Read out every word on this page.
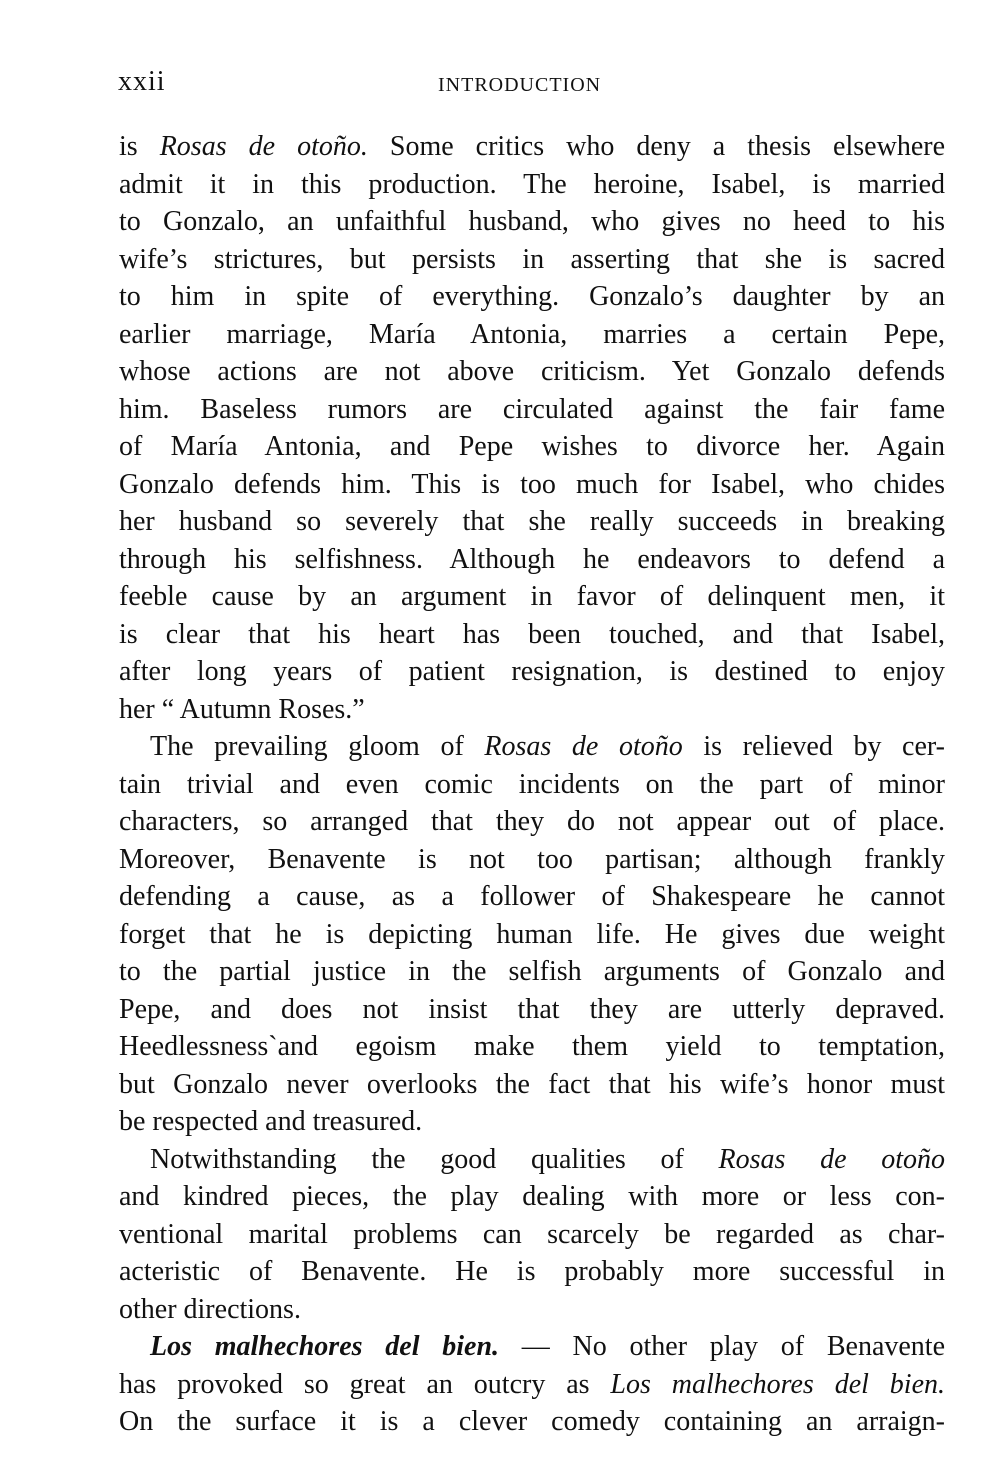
xxii	INTRODUCTION
is Rosas de otoño. Some critics who deny a thesis elsewhere
admit it in this production. The heroine, Isabel, is married
to Gonzalo, an unfaithful husband, who gives no heed to his
wife’s strictures, but persists in asserting that she is sacred
to him in spite of everything. Gonzalo’s daughter by an
earlier marriage, María Antonia, marries a certain Pepe,
whose actions are not above criticism. Yet Gonzalo defends
him. Baseless rumors are circulated against the fair fame
of María Antonia, and Pepe wishes to divorce her. Again
Gonzalo defends him. This is too much for Isabel, who chides
her husband so severely that she really succeeds in breaking
through his selfishness. Although he endeavors to defend a
feeble cause by an argument in favor of delinquent men, it
is clear that his heart has been touched, and that Isabel,
after long years of patient resignation, is destined to enjoy
her “ Autumn Roses.”
The prevailing gloom of Rosas de otoño is relieved by cer-
tain trivial and even comic incidents on the part of minor
characters, so arranged that they do not appear out of place.
Moreover, Benavente is not too partisan; although frankly
defending a cause, as a follower of Shakespeare he cannot
forget that he is depicting human life. He gives due weight
to the partial justice in the selfish arguments of Gonzalo and
Pepe, and does not insist that they are utterly depraved.
Heedlessness`and egoism make them yield to temptation,
but Gonzalo never overlooks the fact that his wife’s honor must
be respected and treasured.
Notwithstanding the good qualities of Rosas de otoño
and kindred pieces, the play dealing with more or less con-
ventional marital problems can scarcely be regarded as char-
acteristic of Benavente. He is probably more successful in
other directions.
Los malhechores del bien. — No other play of Benavente
has provoked so great an outcry as Los malhechores del bien.
On the surface it is a clever comedy containing an arraign-
